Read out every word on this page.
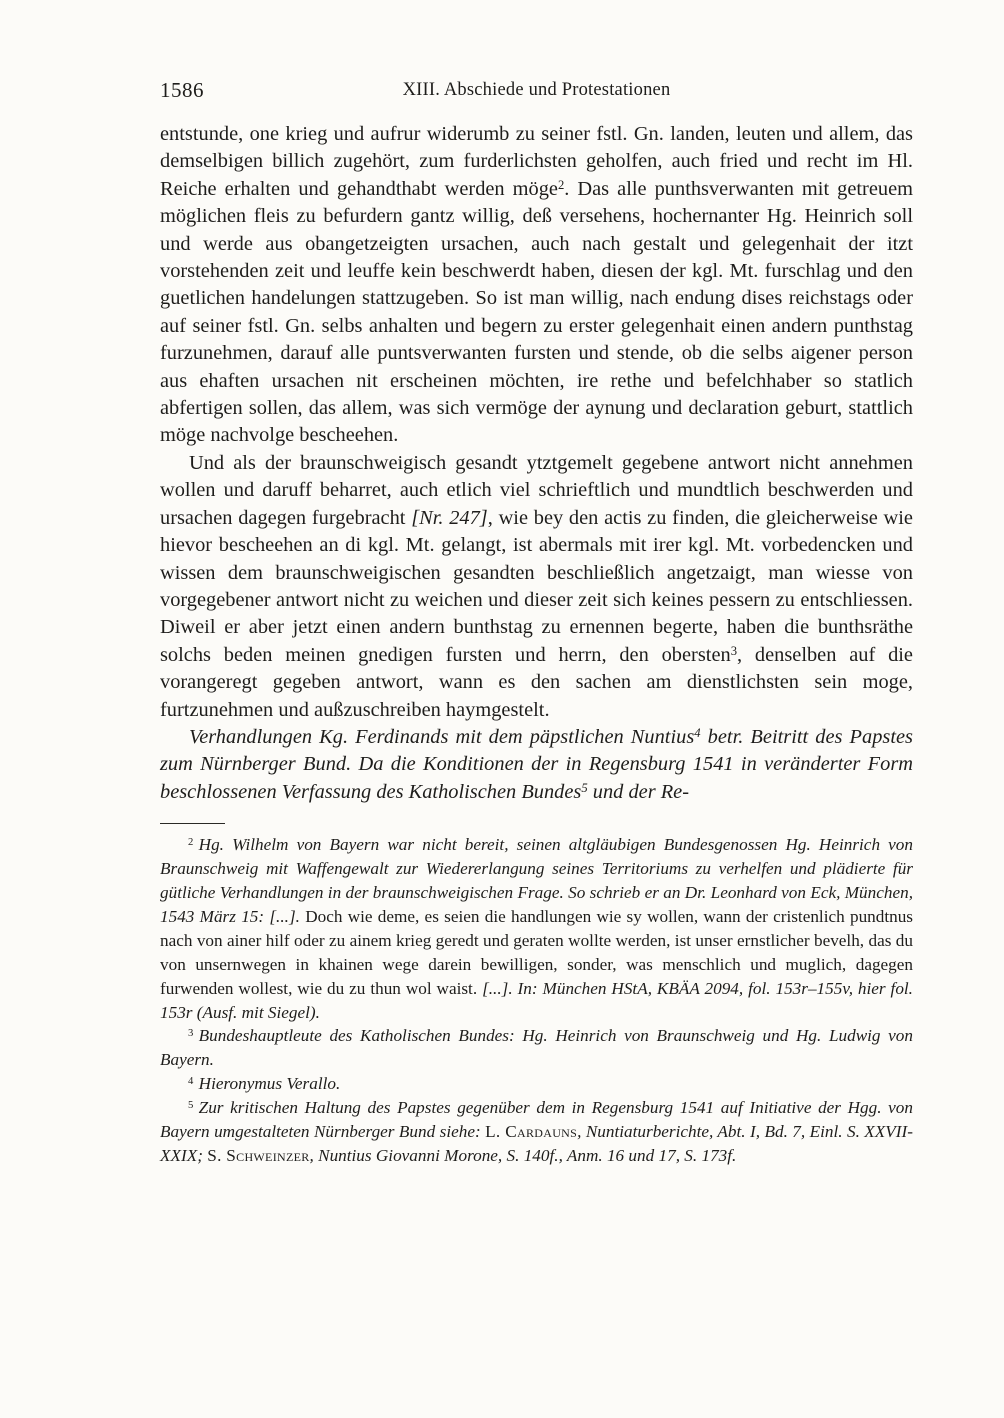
1586	XIII. Abschiede und Protestationen

entstunde, one krieg und aufrur widerumb zu seiner fstl. Gn. landen, leuten und allem, das demselbigen billich zugehört, zum furderlichsten geholfen, auch fried und recht im Hl. Reiche erhalten und gehandthabt werden möge$^2$. Das alle punthsverwanten mit getreuem möglichen fleis zu befurdern gantz willig, deß versehens, hochernanter Hg. Heinrich soll und werde aus obangetzeigten ursachen, auch nach gestalt und gelegenhait der itzt vorstehenden zeit und leuffe kein beschwerdt haben, diesen der kgl. Mt. furschlag und den guetlichen handelungen stattzugeben. So ist man willig, nach endung dises reichstags oder auf seiner fstl. Gn. selbs anhalten und begern zu erster gelegenhait einen andern punthstag furzunehmen, darauf alle puntsverwanten fursten und stende, ob die selbs aigener person aus ehaften ursachen nit erscheinen möchten, ire rethe und befelchhaber so statlich abfertigen sollen, das allem, was sich vermöge der aynung und declaration geburt, stattlich möge nachvolge bescheehen.

Und als der braunschweigisch gesandt ytztgemelt gegebene antwort nicht annehmen wollen und daruff beharret, auch etlich viel schrieftlich und mundtlich beschwerden und ursachen dagegen furgebracht [Nr. 247], wie bey den actis zu finden, die gleicherweise wie hievor bescheehen an di kgl. Mt. gelangt, ist abermals mit irer kgl. Mt. vorbedencken und wissen dem braunschweigischen gesandten beschließlich angetzaigt, man wiesse von vorgegebener antwort nicht zu weichen und dieser zeit sich keines pessern zu entschliessen. Diweil er aber jetzt einen andern bunthstag zu ernennen begerte, haben die bunthsräthe solchs beden meinen gnedigen fursten und herrn, den obersten$^3$, denselben auf die vorangeregt gegeben antwort, wann es den sachen am dienstlichsten sein moge, furtzunehmen und außzuschreiben haymgestelt.

Verhandlungen Kg. Ferdinands mit dem päpstlichen Nuntius$^4$ betr. Beitritt des Papstes zum Nürnberger Bund. Da die Konditionen der in Regensburg 1541 in veränderter Form beschlossenen Verfassung des Katholischen Bundes$^5$ und der Re-

$^2$ Hg. Wilhelm von Bayern war nicht bereit, seinen altgläubigen Bundesgenossen Hg. Heinrich von Braunschweig mit Waffengewalt zur Wiedererlangung seines Territoriums zu verhelfen und plädierte für gütliche Verhandlungen in der braunschweigischen Frage. So schrieb er an Dr. Leonhard von Eck, München, 1543 März 15: [...]. Doch wie deme, es seien die handlungen wie sy wollen, wann der cristenlich pundtnus nach von ainer hilf oder zu ainem krieg geredt und geraten wollte werden, ist unser ernstlicher bevelh, das du von unsernwegen in khainen wege darein bewilligen, sonder, was menschlich und muglich, dagegen furwenden wollest, wie du zu thun wol waist. [...]. In: München HStA, KBÄA 2094, fol. 153r–155v, hier fol. 153r (Ausf. mit Siegel).

$^3$ Bundeshauptleute des Katholischen Bundes: Hg. Heinrich von Braunschweig und Hg. Ludwig von Bayern.

$^4$ Hieronymus Verallo.

$^5$ Zur kritischen Haltung des Papstes gegenüber dem in Regensburg 1541 auf Initiative der Hgg. von Bayern umgestalteten Nürnberger Bund siehe: L. Cardauns, Nuntiaturberichte, Abt. I, Bd. 7, Einl. S. XXVII-XXIX; S. Schweinzer, Nuntius Giovanni Morone, S. 140f., Anm. 16 und 17, S. 173f.
